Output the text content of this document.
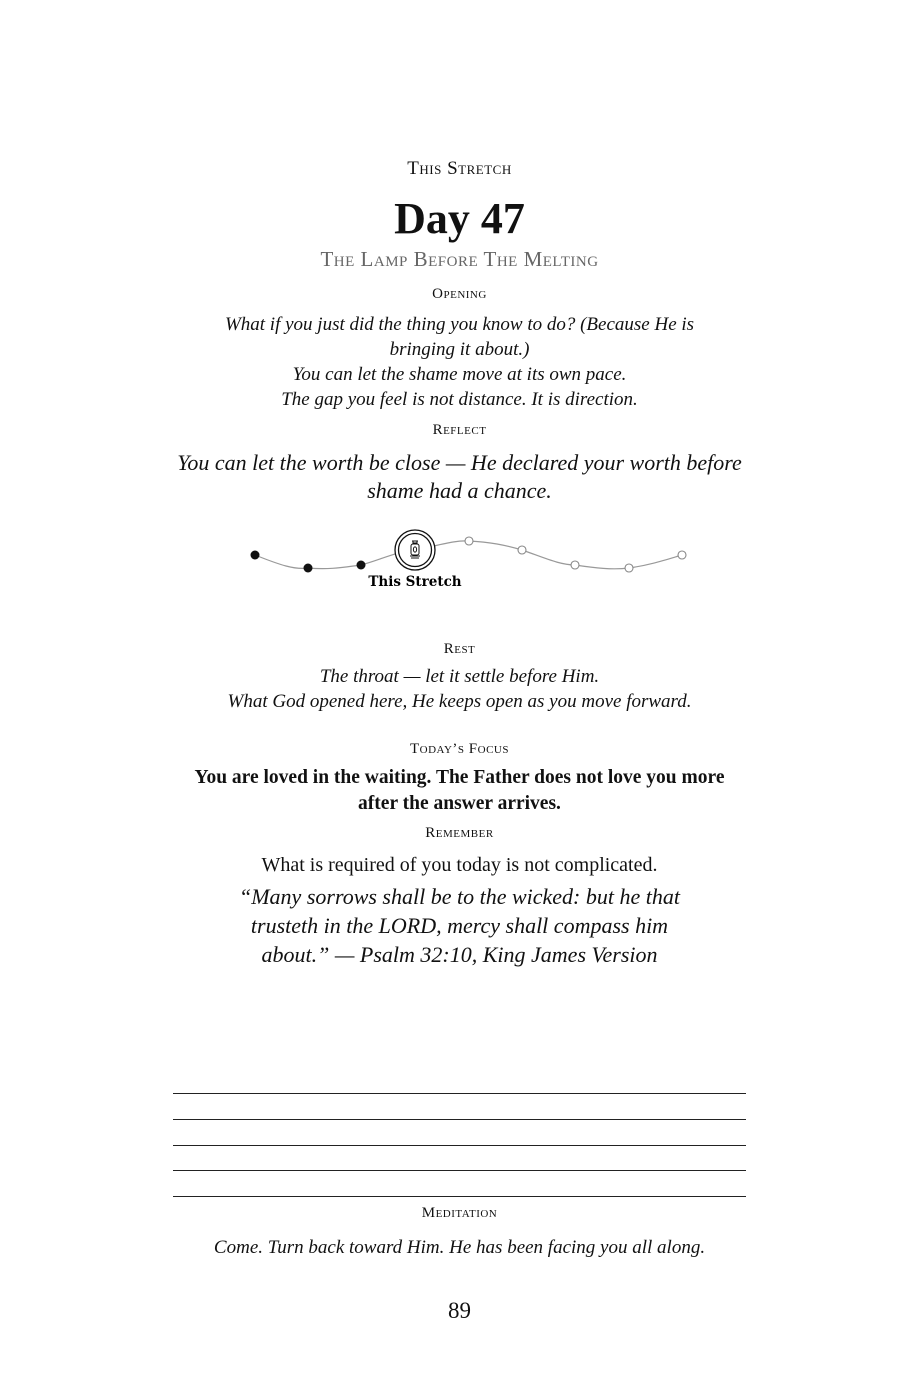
This Stretch
Day 47
The Lamp Before The Melting
Opening
What if you just did the thing you know to do? (Because He is
bringing it about.)
You can let the shame move at its own pace.
The gap you feel is not distance. It is direction.
Reflect
You can let the worth be close — He declared your worth before
shame had a chance.
This Stretch
Rest
The throat — let it settle before Him.
What God opened here, He keeps open as you move forward.
Today’s Focus
You are loved in the waiting. The Father does not love you more
after the answer arrives.
Remember
What is required of you today is not complicated.
“Many sorrows shall be to the wicked: but he that
trusteth in the LORD, mercy shall compass him
about.” — Psalm 32:10, King James Version
Meditation
Come. Turn back toward Him. He has been facing you all along.
89
